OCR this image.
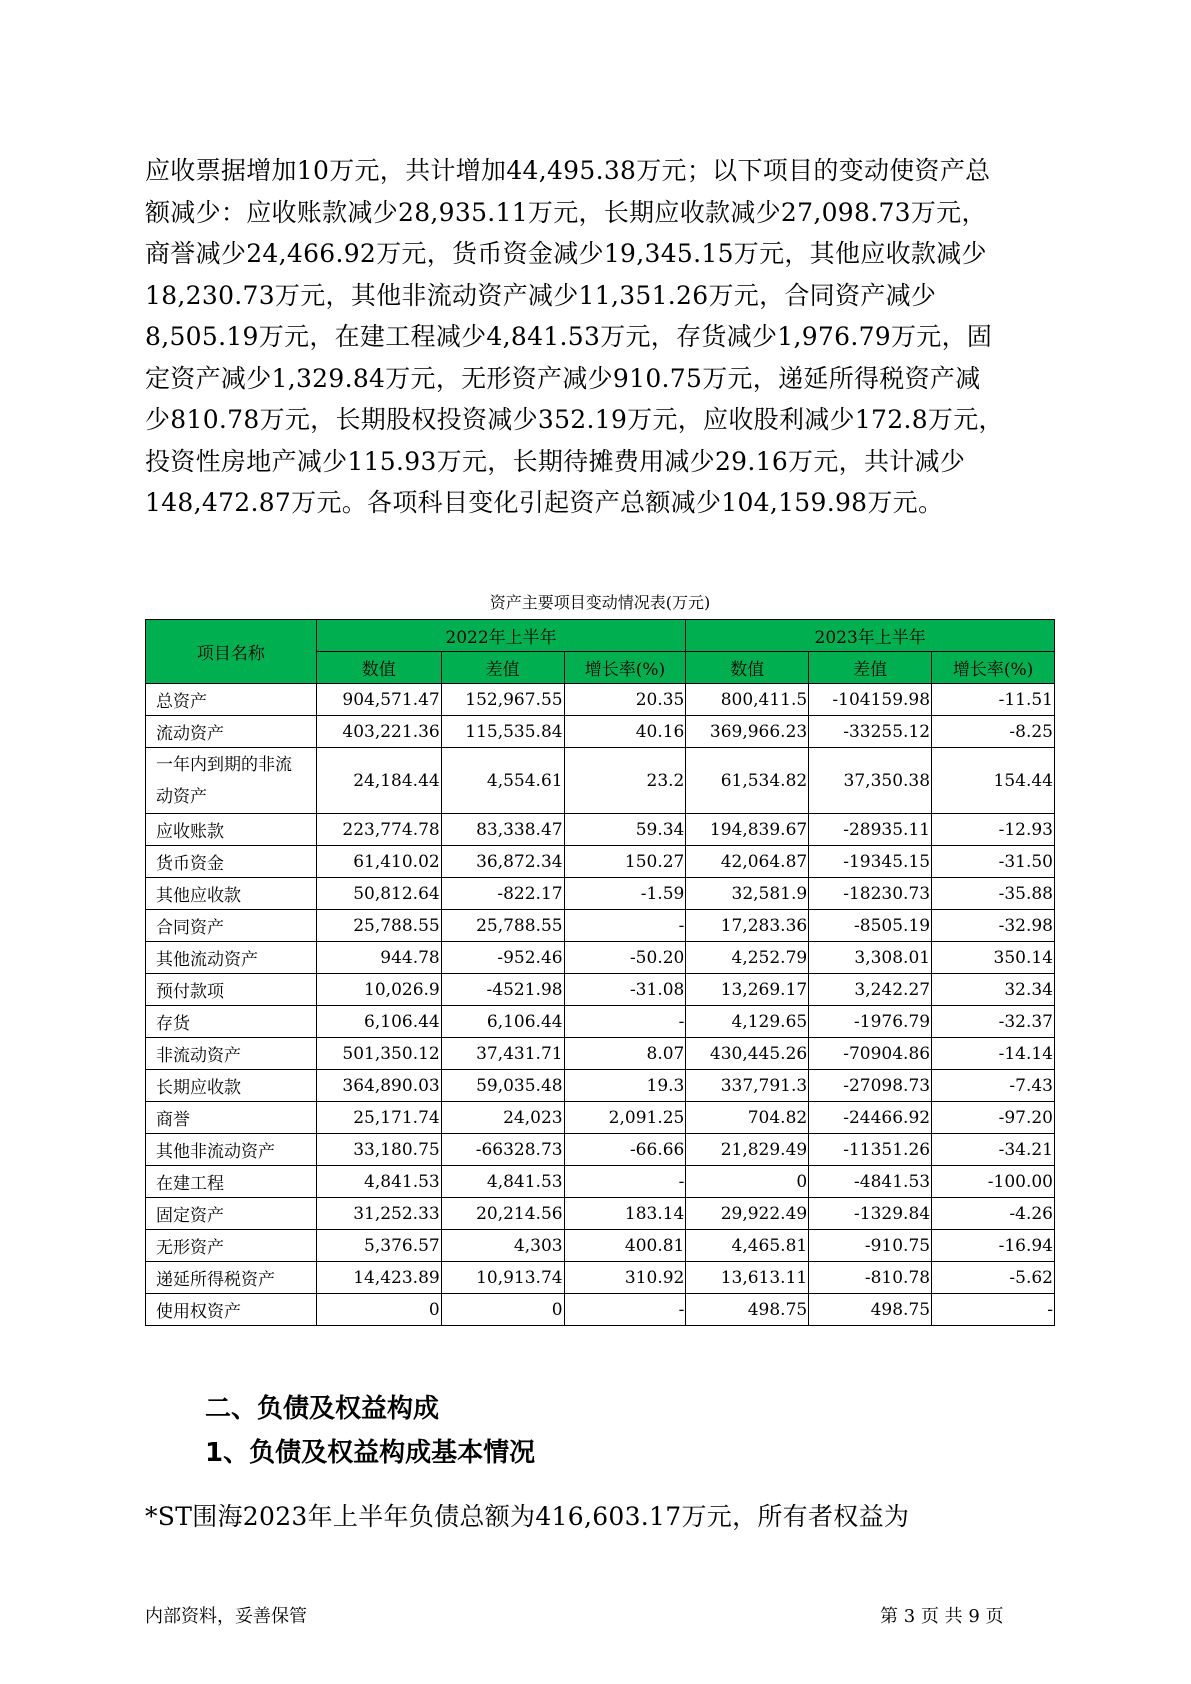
应收票据增加10万元，共计增加44,495.38万元；以下项目的变动使资产总
额减少：应收账款减少28,935.11万元，长期应收款减少27,098.73万元，
商誉减少24,466.92万元，货币资金减少19,345.15万元，其他应收款减少
18,230.73万元，其他非流动资产减少11,351.26万元，合同资产减少
8,505.19万元，在建工程减少4,841.53万元，存货减少1,976.79万元，固
定资产减少1,329.84万元，无形资产减少910.75万元，递延所得税资产减
少810.78万元，长期股权投资减少352.19万元，应收股利减少172.8万元，
投资性房地产减少115.93万元，长期待摊费用减少29.16万元，共计减少
148,472.87万元。各项科目变化引起资产总额减少104,159.98万元。
资产主要项目变动情况表(万元)
项目名称	2022年上半年			2023年上半年		
	数值	差值	增长率(%)	数值	差值	增长率(%)
总资产	904,571.47	152,967.55	20.35	800,411.5	-104159.98	-11.51
流动资产	403,221.36	115,535.84	40.16	369,966.23	-33255.12	-8.25

一年内到期的非流
动资产	24,184.44	4,554.61	23.2	61,534.82	37,350.38	154.44
应收账款	223,774.78	83,338.47	59.34	194,839.67	-28935.11	-12.93
货币资金	61,410.02	36,872.34	150.27	42,064.87	-19345.15	-31.50
其他应收款	50,812.64	-822.17	-1.59	32,581.9	-18230.73	-35.88
合同资产	25,788.55	25,788.55	-	17,283.36	-8505.19	-32.98
其他流动资产	944.78	-952.46	-50.20	4,252.79	3,308.01	350.14
预付款项	10,026.9	-4521.98	-31.08	13,269.17	3,242.27	32.34
存货	6,106.44	6,106.44	-	4,129.65	-1976.79	-32.37
非流动资产	501,350.12	37,431.71	8.07	430,445.26	-70904.86	-14.14
长期应收款	364,890.03	59,035.48	19.3	337,791.3	-27098.73	-7.43
商誉	25,171.74	24,023	2,091.25	704.82	-24466.92	-97.20
其他非流动资产	33,180.75	-66328.73	-66.66	21,829.49	-11351.26	-34.21
在建工程	4,841.53	4,841.53	-	0	-4841.53	-100.00
固定资产	31,252.33	20,214.56	183.14	29,922.49	-1329.84	-4.26
无形资产	5,376.57	4,303	400.81	4,465.81	-910.75	-16.94
递延所得税资产	14,423.89	10,913.74	310.92	13,613.11	-810.78	-5.62
使用权资产	0	0	-	498.75	498.75	-
二、负债及权益构成
1、负债及权益构成基本情况
*ST围海2023年上半年负债总额为416,603.17万元，所有者权益为
内部资料，妥善保管	第 3 页 共 9 页
